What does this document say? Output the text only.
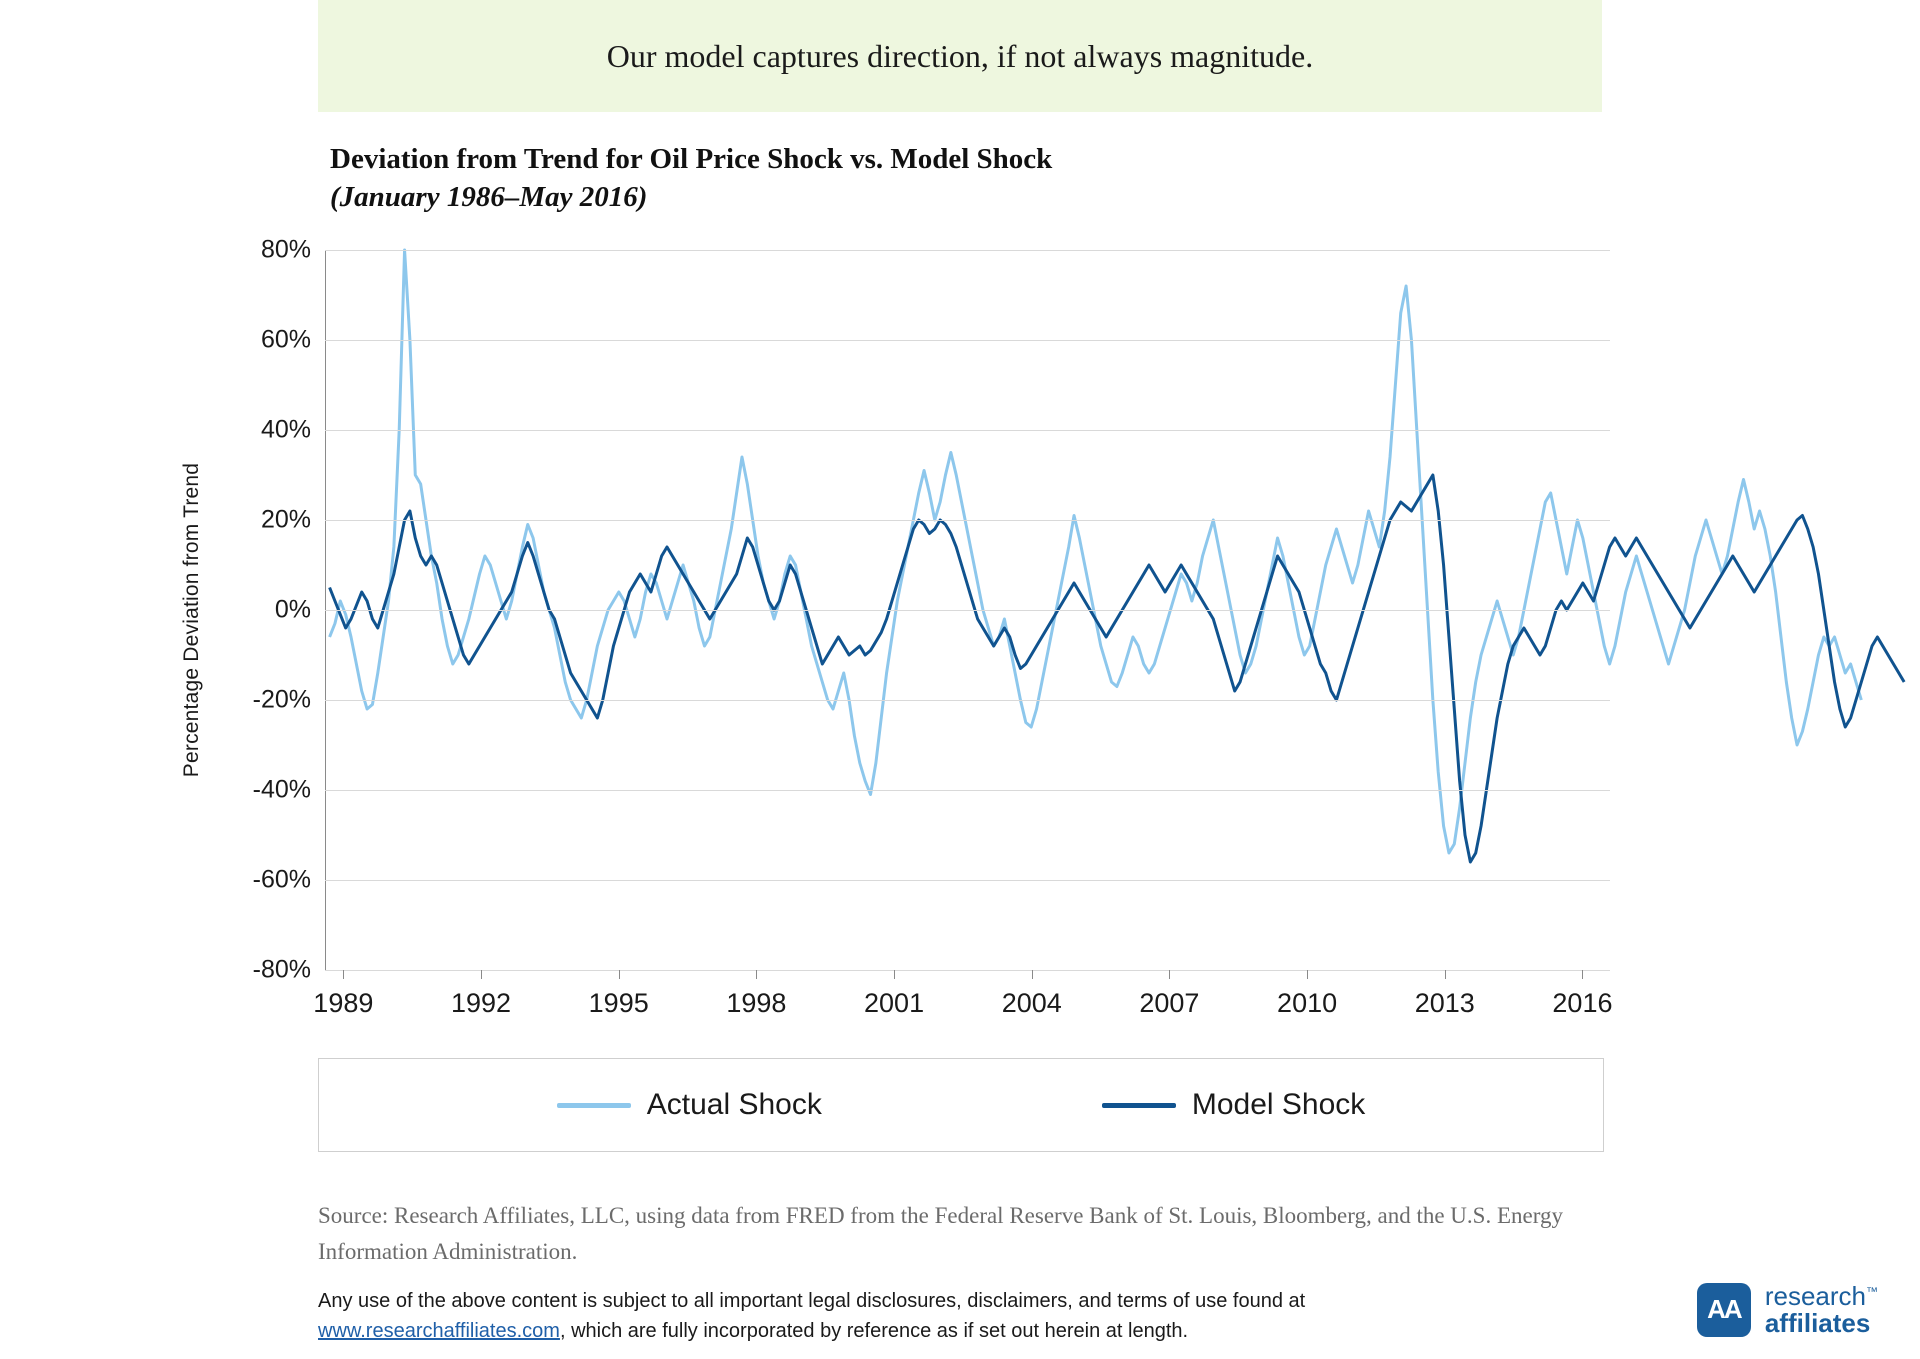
Our model captures direction, if not always magnitude.
Deviation from Trend for Oil Price Shock vs. Model Shock
(January 1986–May 2016)
Percentage Deviation from Trend
80%
60%
40%
20%
0%
-20%
-40%
-60%
-80%
1989	1992	1995	1998	2001	2004	2007	2010	2013	2016
Actual Shock	Model Shock
Source: Research Affiliates, LLC, using data from FRED from the Federal Reserve Bank of St. Louis, Bloomberg, and the U.S. Energy Information Administration.
Any use of the above content is subject to all important legal disclosures, disclaimers, and terms of use found at www.researchaffiliates.com, which are fully incorporated by reference as if set out herein at length.
AA research™
affiliates
